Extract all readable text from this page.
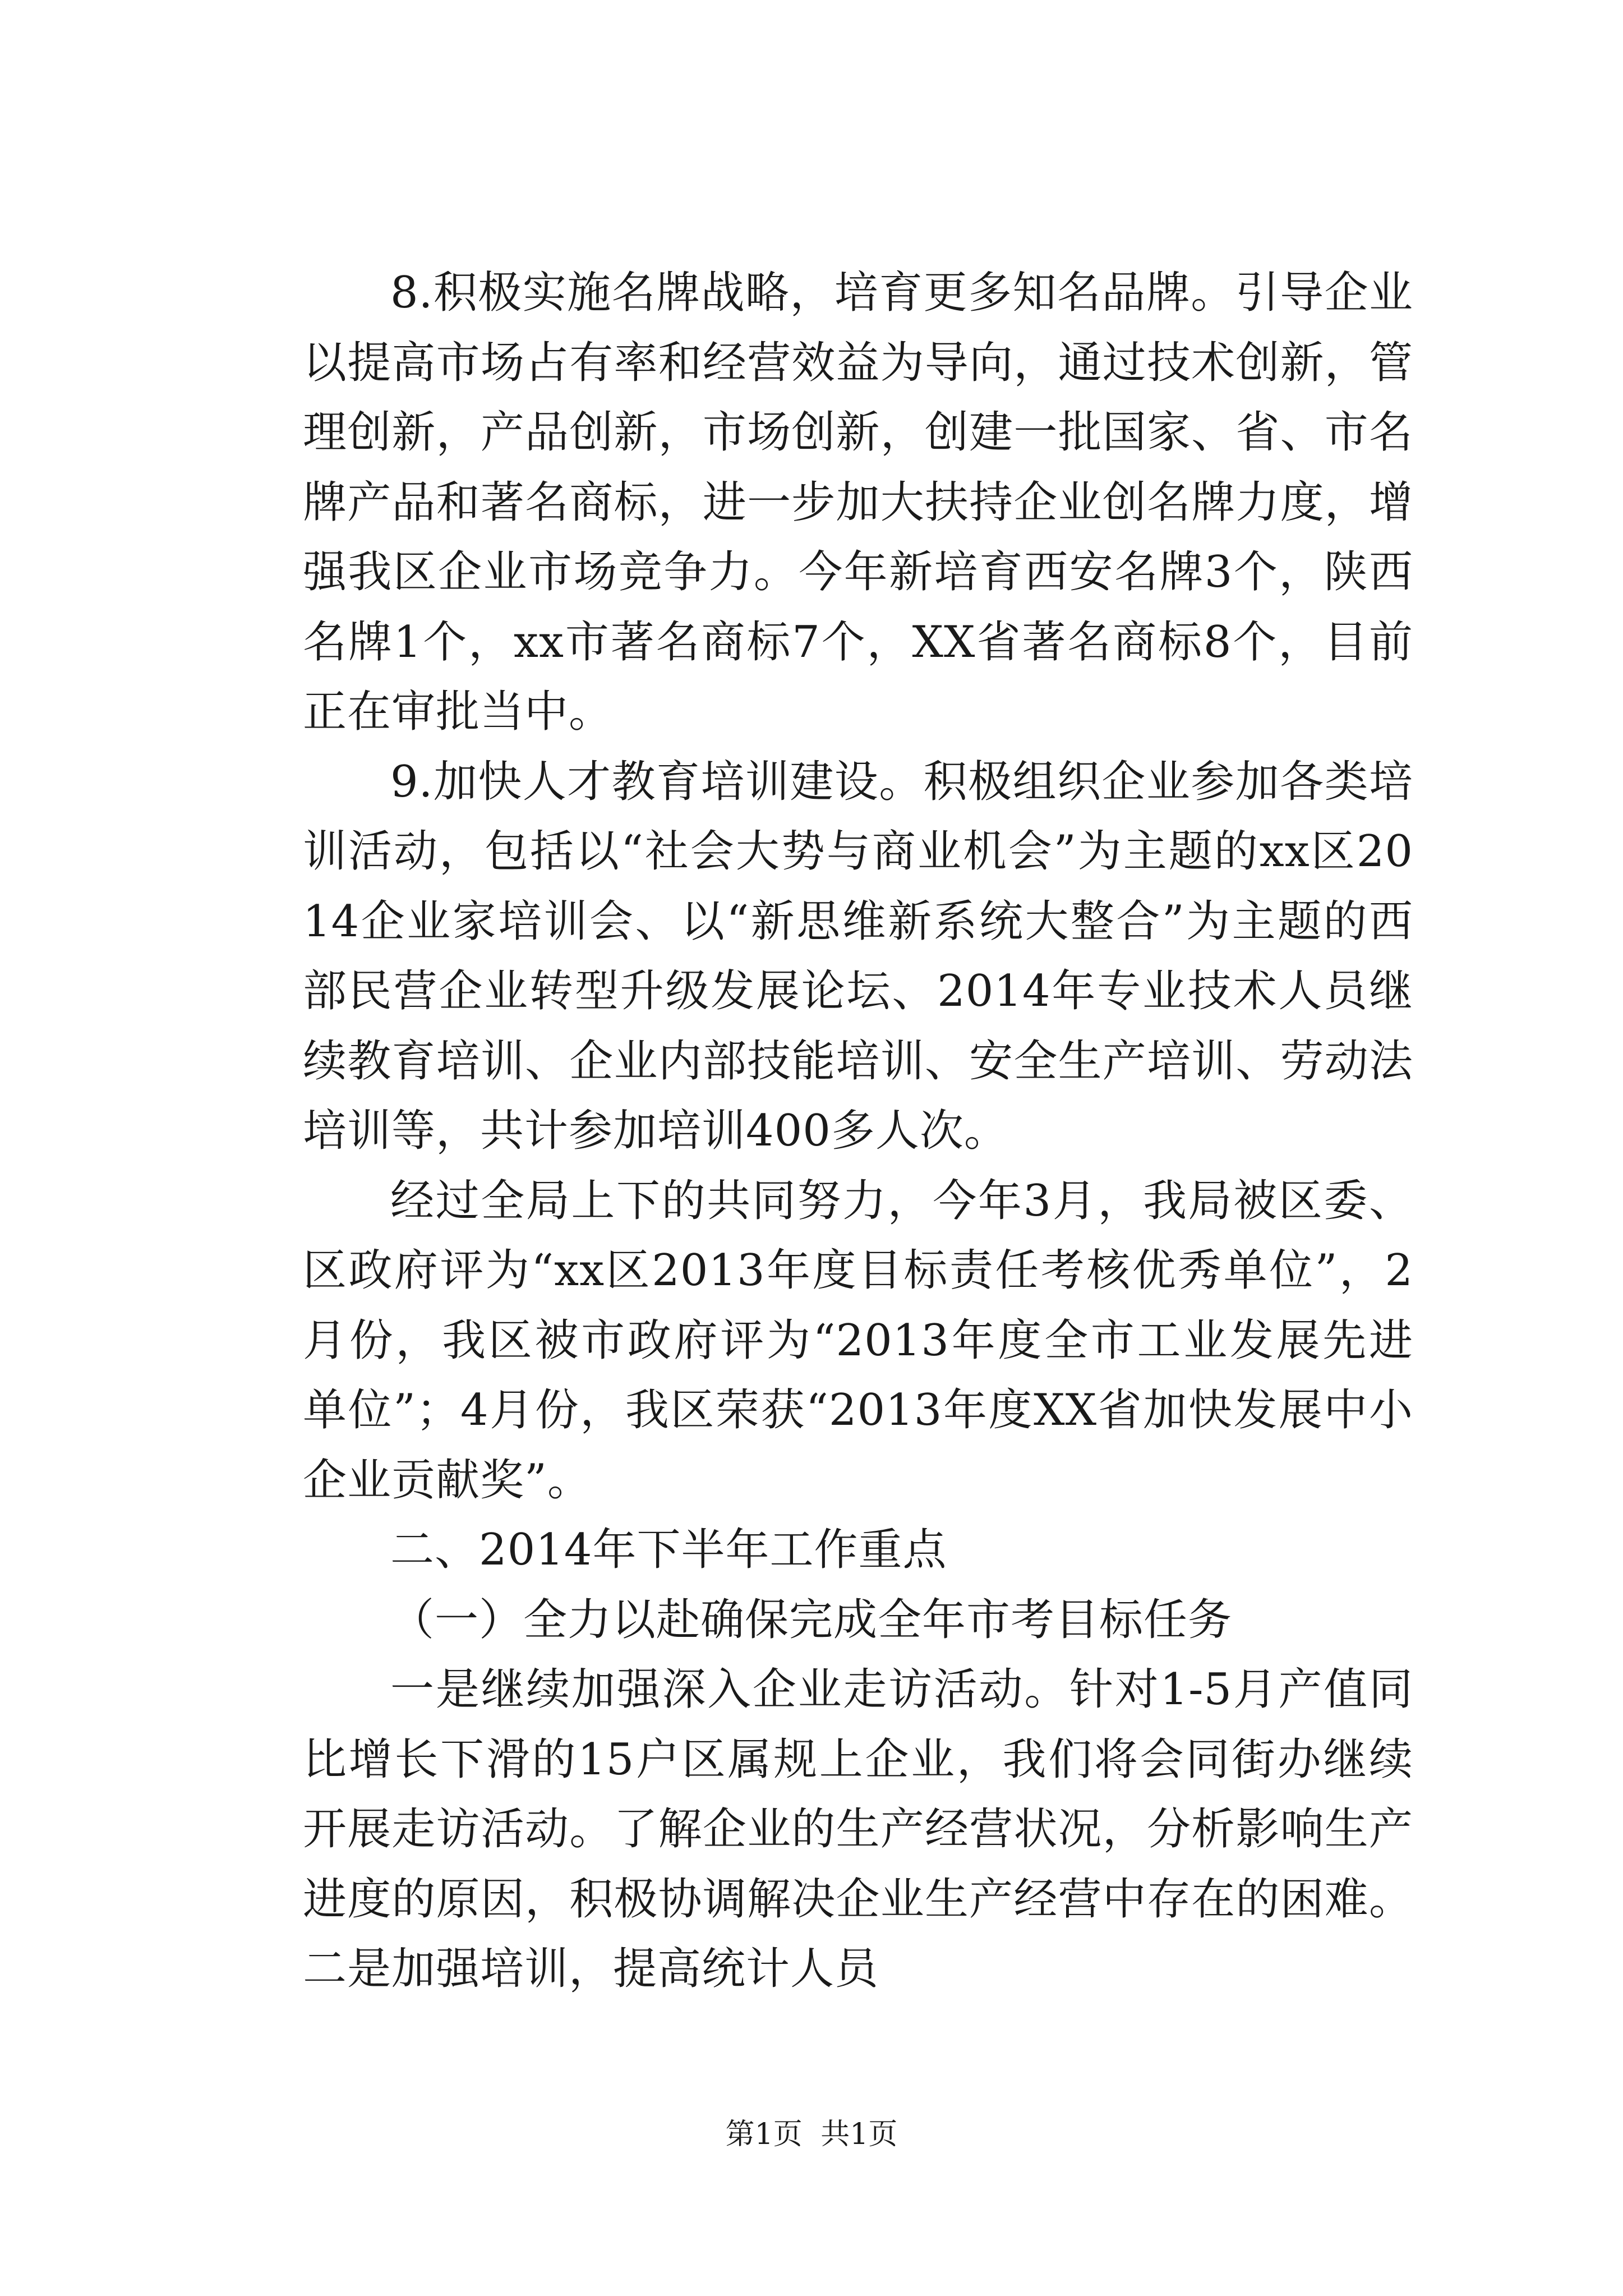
8.积极实施名牌战略，培育更多知名品牌。引导企业以提高市场占有率和经营效益为导向，通过技术创新，管理创新，产品创新，市场创新，创建一批国家、省、市名牌产品和著名商标，进一步加大扶持企业创名牌力度，增强我区企业市场竞争力。今年新培育西安名牌3个，陕西名牌1个，xx市著名商标7个，XX省著名商标8个，目前正在审批当中。

9.加快人才教育培训建设。积极组织企业参加各类培训活动，包括以“社会大势与商业机会”为主题的xx区2014企业家培训会、以“新思维新系统大整合”为主题的西部民营企业转型升级发展论坛、2014年专业技术人员继续教育培训、企业内部技能培训、安全生产培训、劳动法培训等，共计参加培训400多人次。

经过全局上下的共同努力，今年3月，我局被区委、区政府评为“xx区2013年度目标责任考核优秀单位”，2月份，我区被市政府评为“2013年度全市工业发展先进单位”；4月份，我区荣获“2013年度XX省加快发展中小企业贡献奖”。

二、2014年下半年工作重点

（一）全力以赴确保完成全年市考目标任务

一是继续加强深入企业走访活动。针对1-5月产值同比增长下滑的15户区属规上企业，我们将会同街办继续开展走访活动。了解企业的生产经营状况，分析影响生产进度的原因，积极协调解决企业生产经营中存在的困难。二是加强培训，提高统计人员

第1页 共1页
